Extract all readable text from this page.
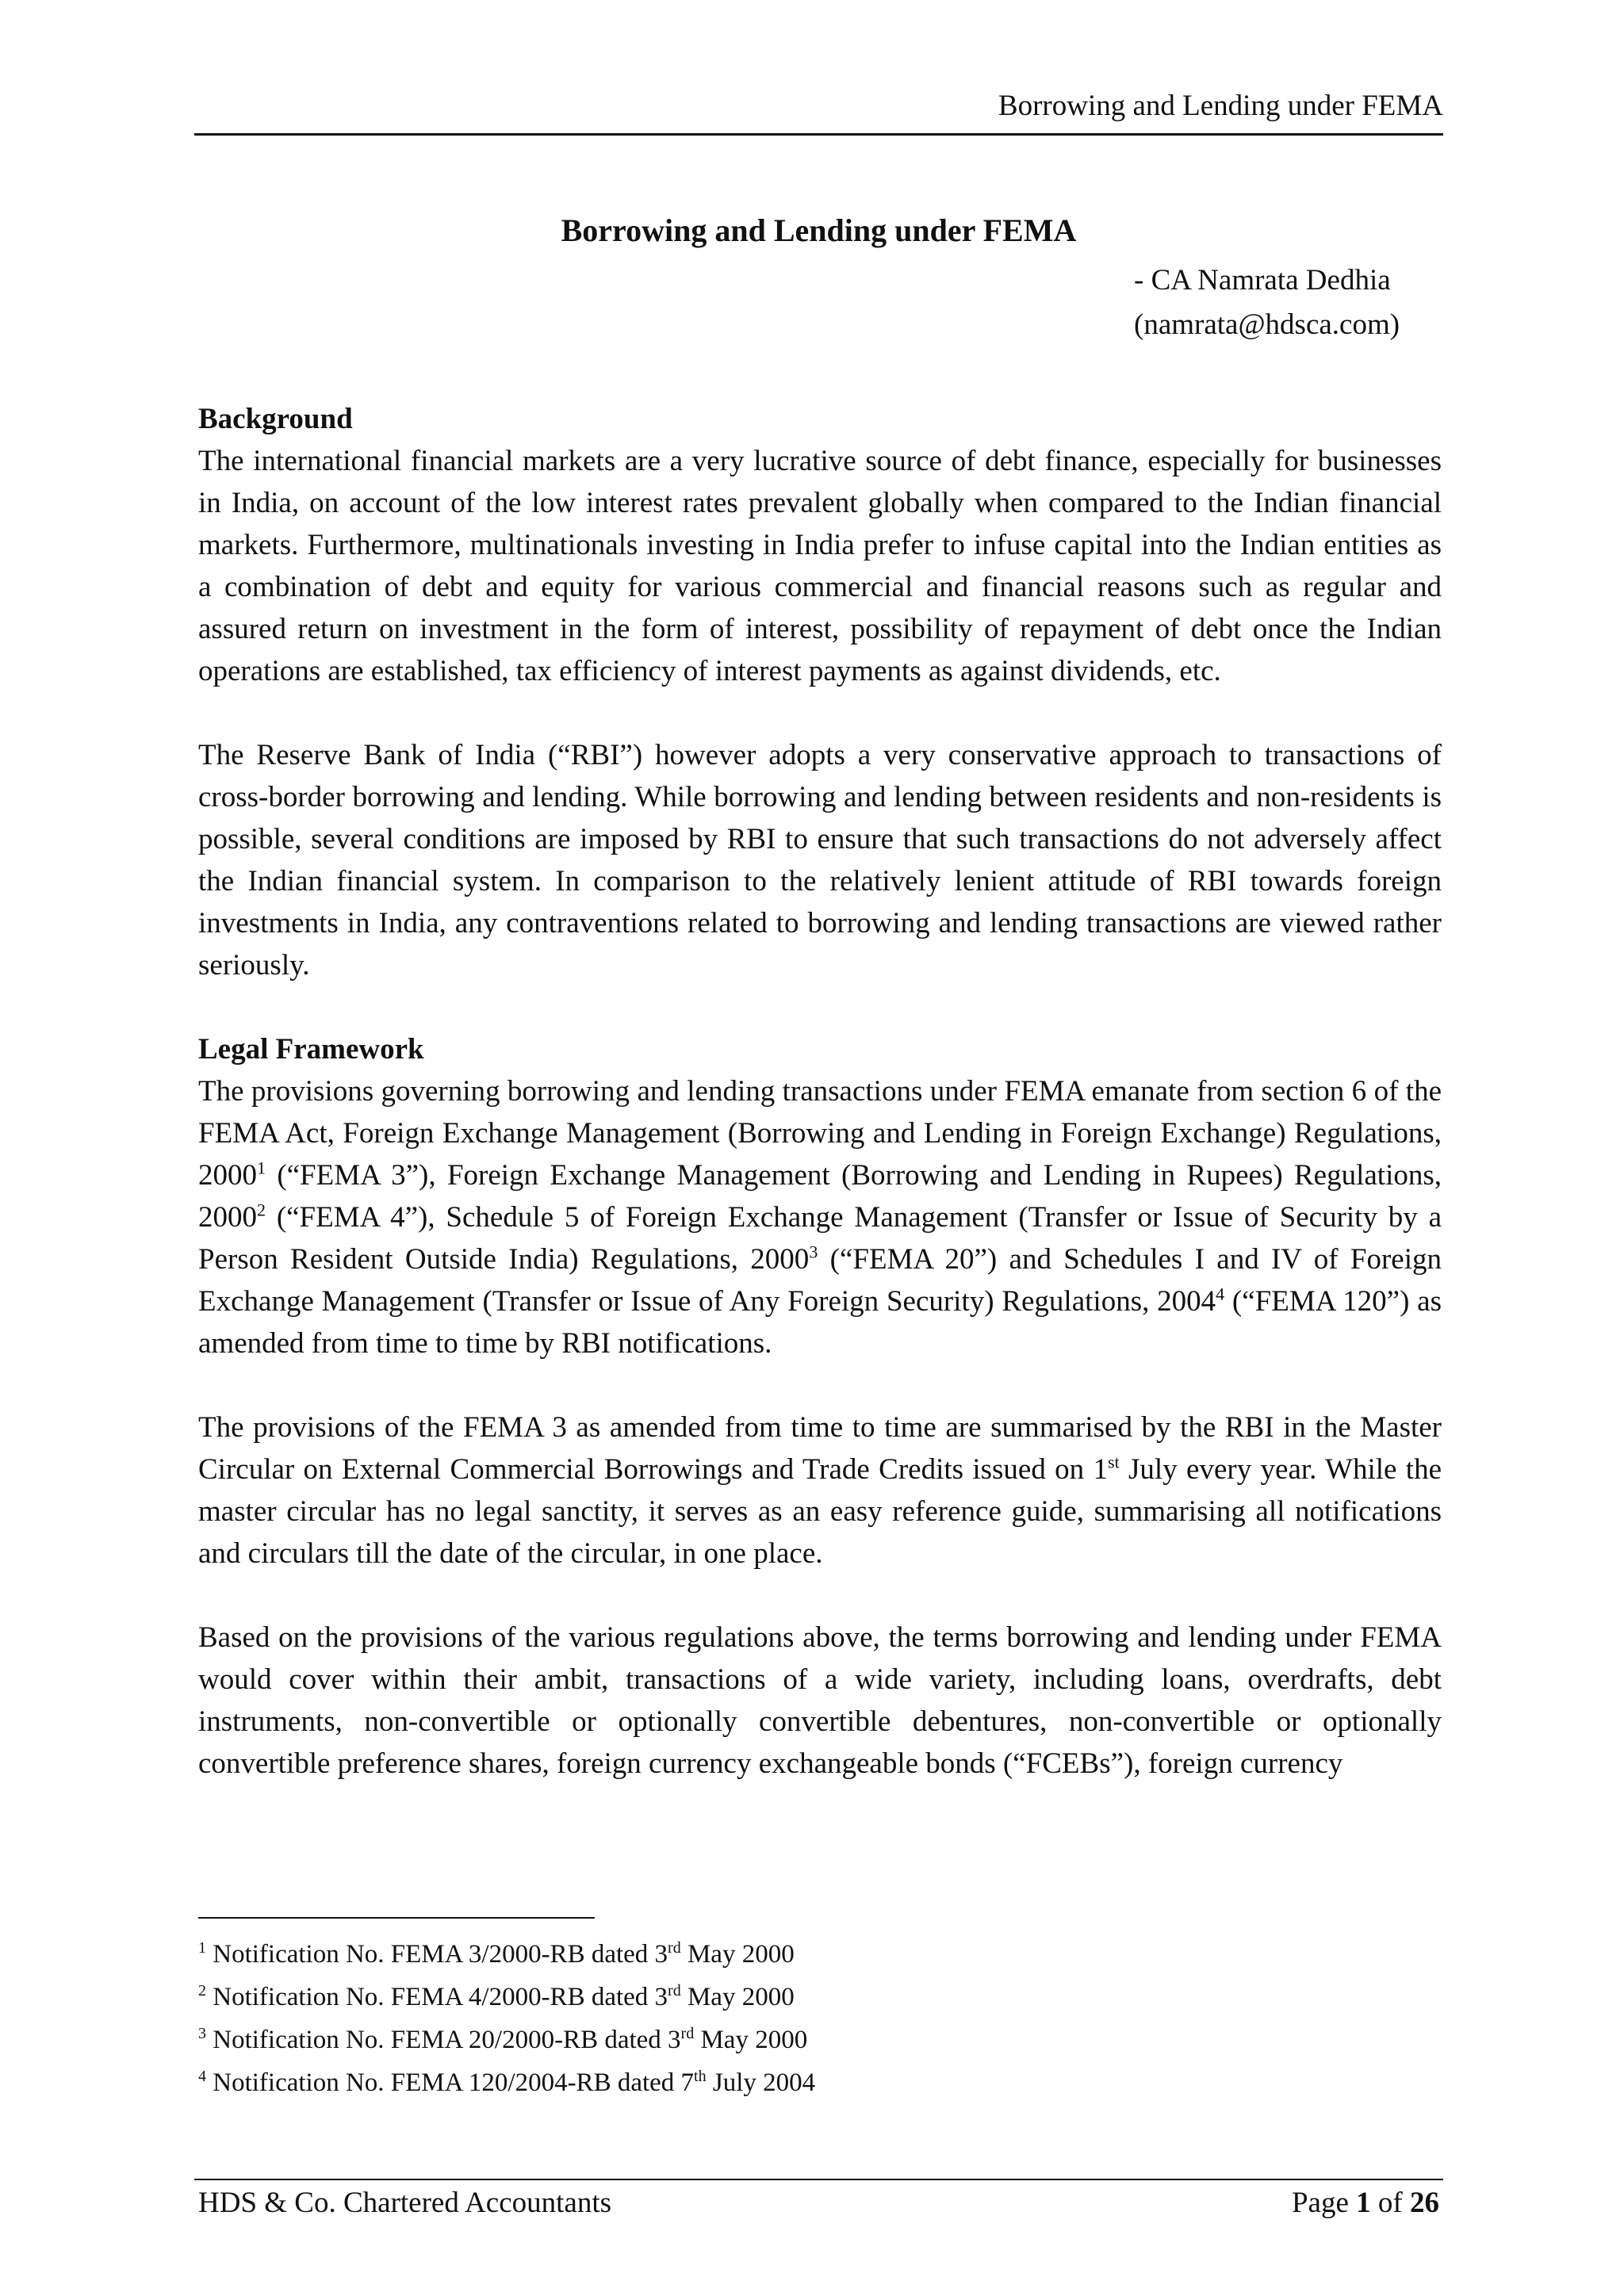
Borrowing and Lending under FEMA
Borrowing and Lending under FEMA
- CA Namrata Dedhia
(namrata@hdsca.com)

Background

The international financial markets are a very lucrative source of debt finance, especially for businesses in India, on account of the low interest rates prevalent globally when compared to the Indian financial markets. Furthermore, multinationals investing in India prefer to infuse capital into the Indian entities as a combination of debt and equity for various commercial and financial reasons such as regular and assured return on investment in the form of interest, possibility of repayment of debt once the Indian operations are established, tax efficiency of interest payments as against dividends, etc.

The Reserve Bank of India (“RBI”) however adopts a very conservative approach to transactions of cross-border borrowing and lending. While borrowing and lending between residents and non-residents is possible, several conditions are imposed by RBI to ensure that such transactions do not adversely affect the Indian financial system. In comparison to the relatively lenient attitude of RBI towards foreign investments in India, any contraventions related to borrowing and lending transactions are viewed rather seriously.

Legal Framework

The provisions governing borrowing and lending transactions under FEMA emanate from section 6 of the FEMA Act, Foreign Exchange Management (Borrowing and Lending in Foreign Exchange) Regulations, 2000$^1$ (“FEMA 3”), Foreign Exchange Management (Borrowing and Lending in Rupees) Regulations, 2000$^2$ (“FEMA 4”), Schedule 5 of Foreign Exchange Management (Transfer or Issue of Security by a Person Resident Outside India) Regulations, 2000$^3$ (“FEMA 20”) and Schedules I and IV of Foreign Exchange Management (Transfer or Issue of Any Foreign Security) Regulations, 2004$^4$ (“FEMA 120”) as amended from time to time by RBI notifications.

The provisions of the FEMA 3 as amended from time to time are summarised by the RBI in the Master Circular on External Commercial Borrowings and Trade Credits issued on 1st July every year. While the master circular has no legal sanctity, it serves as an easy reference guide, summarising all notifications and circulars till the date of the circular, in one place.

Based on the provisions of the various regulations above, the terms borrowing and lending under FEMA would cover within their ambit, transactions of a wide variety, including loans, overdrafts, debt instruments, non-convertible or optionally convertible debentures, non-convertible or optionally convertible preference shares, foreign currency exchangeable bonds (“FCEBs”), foreign currency

$^1$ Notification No. FEMA 3/2000-RB dated 3rd May 2000

$^2$ Notification No. FEMA 4/2000-RB dated 3rd May 2000

$^3$ Notification No. FEMA 20/2000-RB dated 3rd May 2000

$^4$ Notification No. FEMA 120/2004-RB dated 7th July 2004

HDS & Co. Chartered Accountants	Page 1 of 26
